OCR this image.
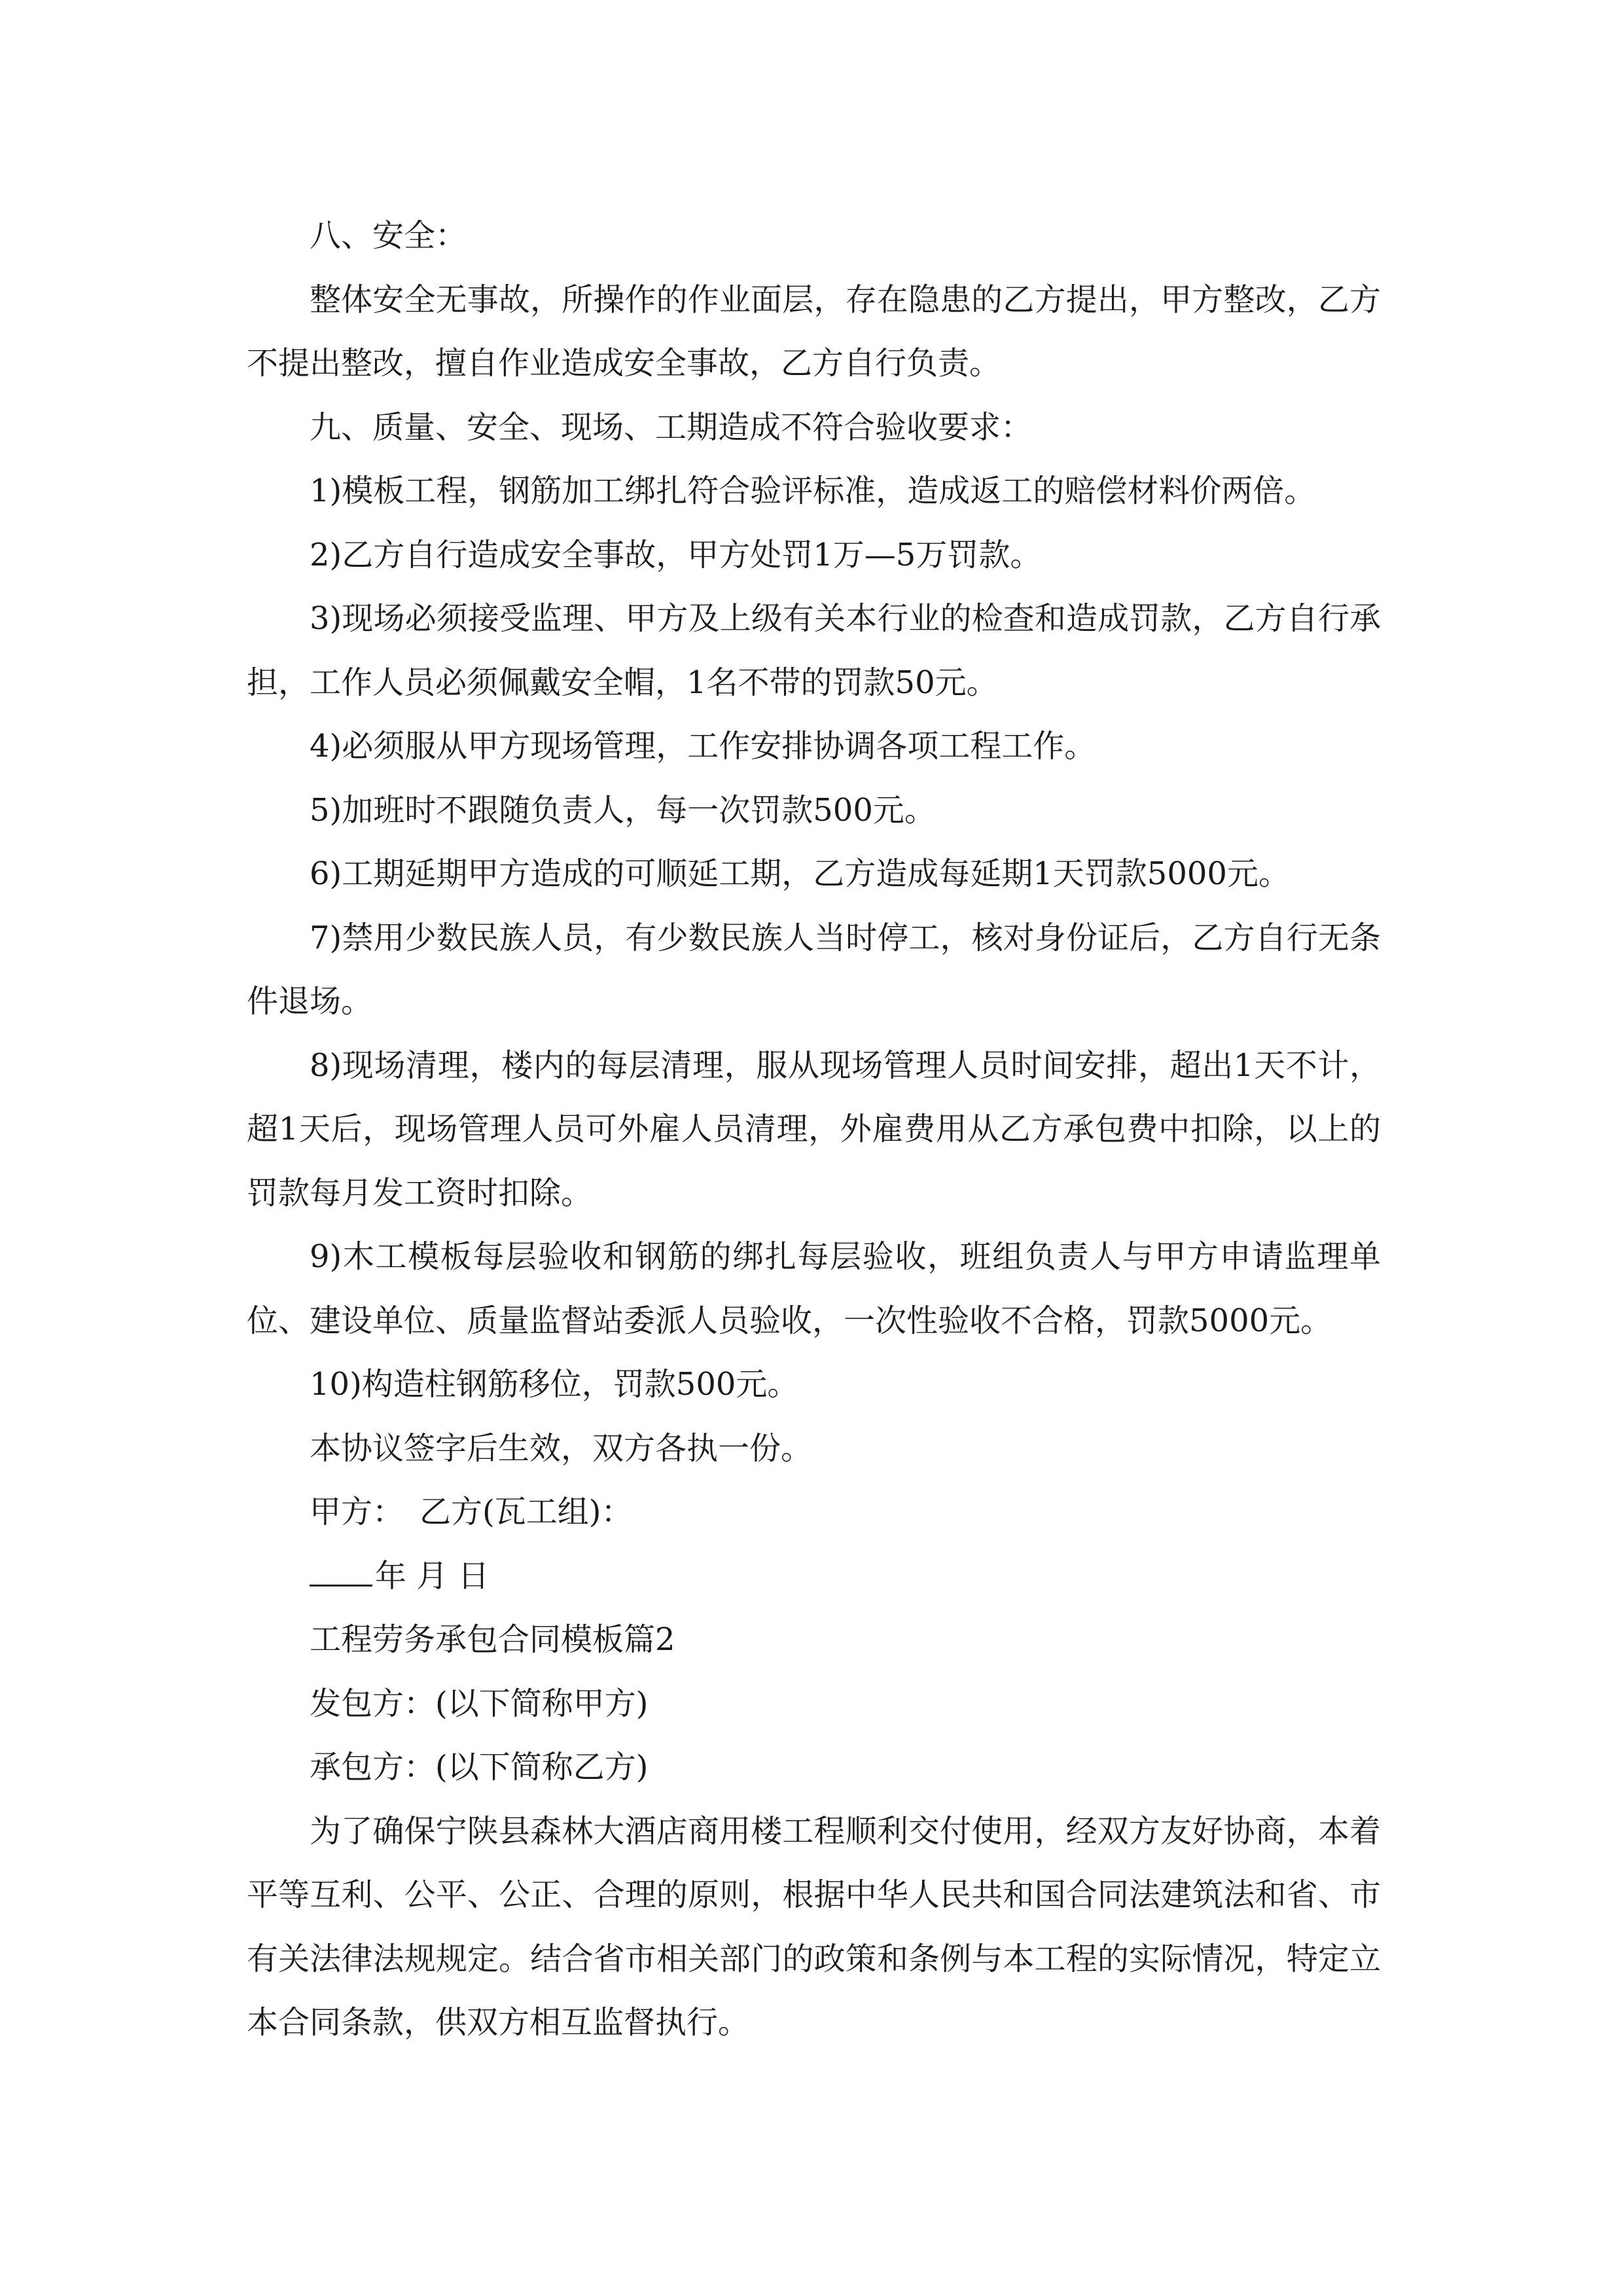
八、安全：

整体安全无事故，所操作的作业面层，存在隐患的乙方提出，甲方整改，乙方不提出整改，擅自作业造成安全事故，乙方自行负责。

九、质量、安全、现场、工期造成不符合验收要求：

1)模板工程，钢筋加工绑扎符合验评标准，造成返工的赔偿材料价两倍。

2)乙方自行造成安全事故，甲方处罚1万—5万罚款。

3)现场必须接受监理、甲方及上级有关本行业的检查和造成罚款，乙方自行承担，工作人员必须佩戴安全帽，1名不带的罚款50元。

4)必须服从甲方现场管理，工作安排协调各项工程工作。

5)加班时不跟随负责人，每一次罚款500元。

6)工期延期甲方造成的可顺延工期，乙方造成每延期1天罚款5000元。

7)禁用少数民族人员，有少数民族人当时停工，核对身份证后，乙方自行无条件退场。

8)现场清理，楼内的每层清理，服从现场管理人员时间安排，超出1天不计，超1天后，现场管理人员可外雇人员清理，外雇费用从乙方承包费中扣除，以上的罚款每月发工资时扣除。

9)木工模板每层验收和钢筋的绑扎每层验收，班组负责人与甲方申请监理单位、建设单位、质量监督站委派人员验收，一次性验收不合格，罚款5000元。

10)构造柱钢筋移位，罚款500元。

本协议签字后生效，双方各执一份。

甲方：　乙方(瓦工组)：

年 月 日

工程劳务承包合同模板篇2

发包方：(以下简称甲方)

承包方：(以下简称乙方)

为了确保宁陕县森林大酒店商用楼工程顺利交付使用，经双方友好协商，本着平等互利、公平、公正、合理的原则，根据中华人民共和国合同法建筑法和省、市有关法律法规规定。结合省市相关部门的政策和条例与本工程的实际情况，特定立本合同条款，供双方相互监督执行。
